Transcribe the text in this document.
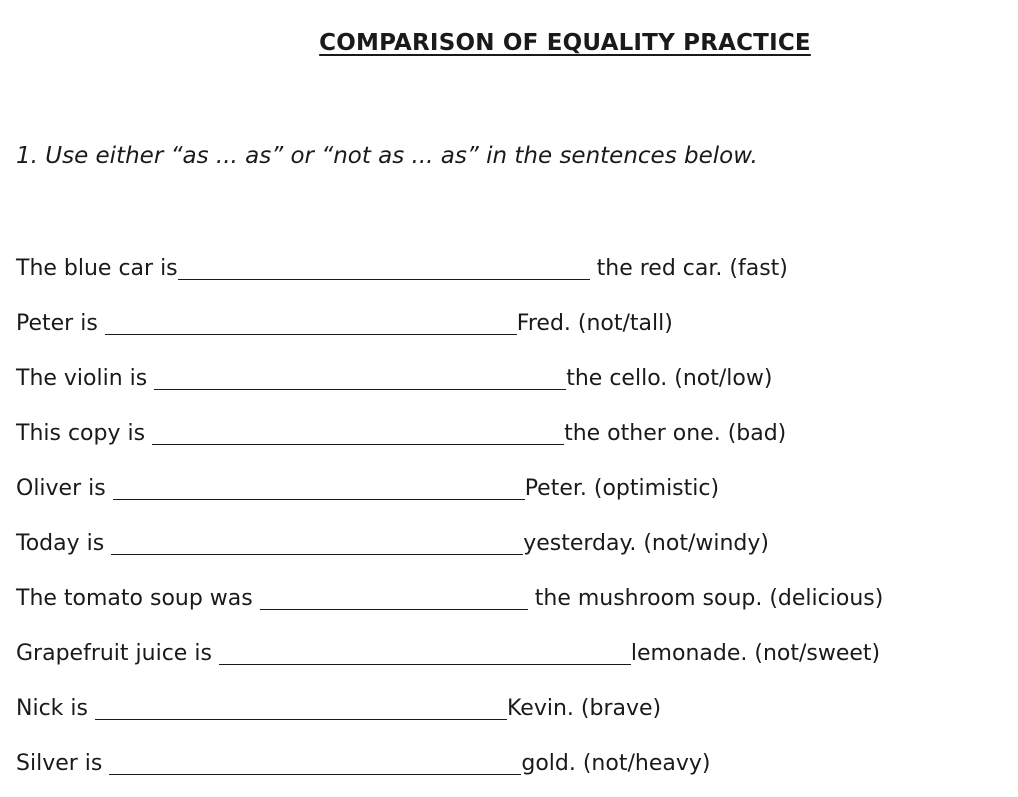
COMPARISON OF EQUALITY PRACTICE
1. Use either “as ... as” or “not as ... as” in the sentences below.
The blue car is	the red car. (fast)
Peter is	Fred. (not/tall)
The violin is	the cello. (not/low)
This copy is	the other one. (bad)
Oliver is	Peter. (optimistic)
Today is	yesterday. (not/windy)
The tomato soup was	the mushroom soup. (delicious)
Grapefruit juice is	lemonade. (not/sweet)
Nick is	Kevin. (brave)
Silver is	gold. (not/heavy)
